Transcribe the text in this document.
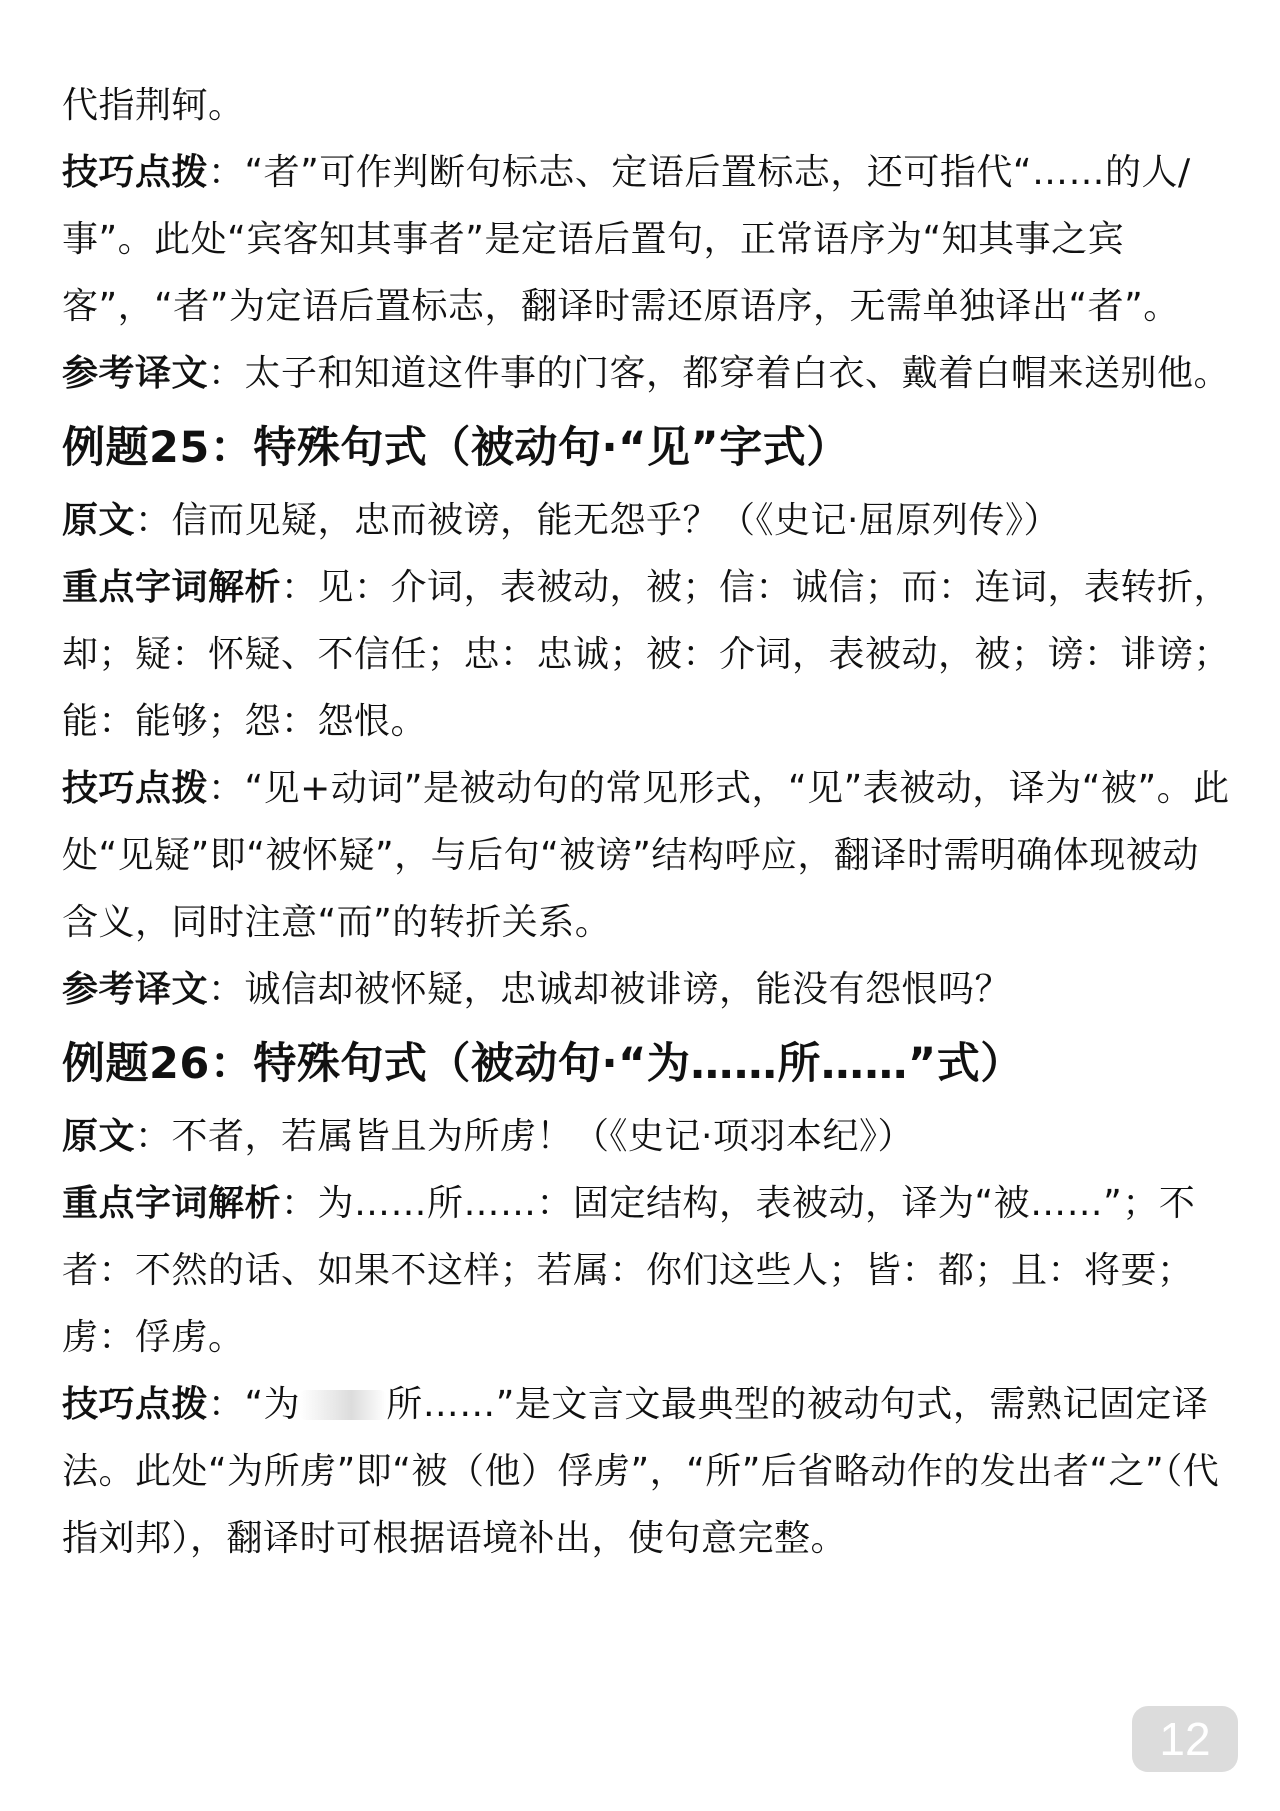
代指荆轲。

技巧点拨：“者”可作判断句标志、定语后置标志，还可指代“……的人/事”。此处“宾客知其事者”是定语后置句，正常语序为“知其事之宾客”，“者”为定语后置标志，翻译时需还原语序，无需单独译出“者”。

参考译文：太子和知道这件事的门客，都穿着白衣、戴着白帽来送别他。

例题25：特殊句式（被动句·“见”字式）

原文：信而见疑，忠而被谤，能无怨乎？（《史记·屈原列传》）

重点字词解析：见：介词，表被动，被；信：诚信；而：连词，表转折，却；疑：怀疑、不信任；忠：忠诚；被：介词，表被动，被；谤：诽谤；能：能够；怨：怨恨。

技巧点拨：“见+动词”是被动句的常见形式，“见”表被动，译为“被”。此处“见疑”即“被怀疑”，与后句“被谤”结构呼应，翻译时需明确体现被动含义，同时注意“而”的转折关系。

参考译文：诚信却被怀疑，忠诚却被诽谤，能没有怨恨吗？

例题26：特殊句式（被动句·“为……所……”式）

原文：不者，若属皆且为所虏！（《史记·项羽本纪》）

重点字词解析：为……所……：固定结构，表被动，译为“被……”；不者：不然的话、如果不这样；若属：你们这些人；皆：都；且：将要；虏：俘虏。

技巧点拨：“为 所……”是文言文最典型的被动句式，需熟记固定译法。此处“为所虏”即“被（他）俘虏”，“所”后省略动作的发出者“之”（代指刘邦），翻译时可根据语境补出，使句意完整。

12
